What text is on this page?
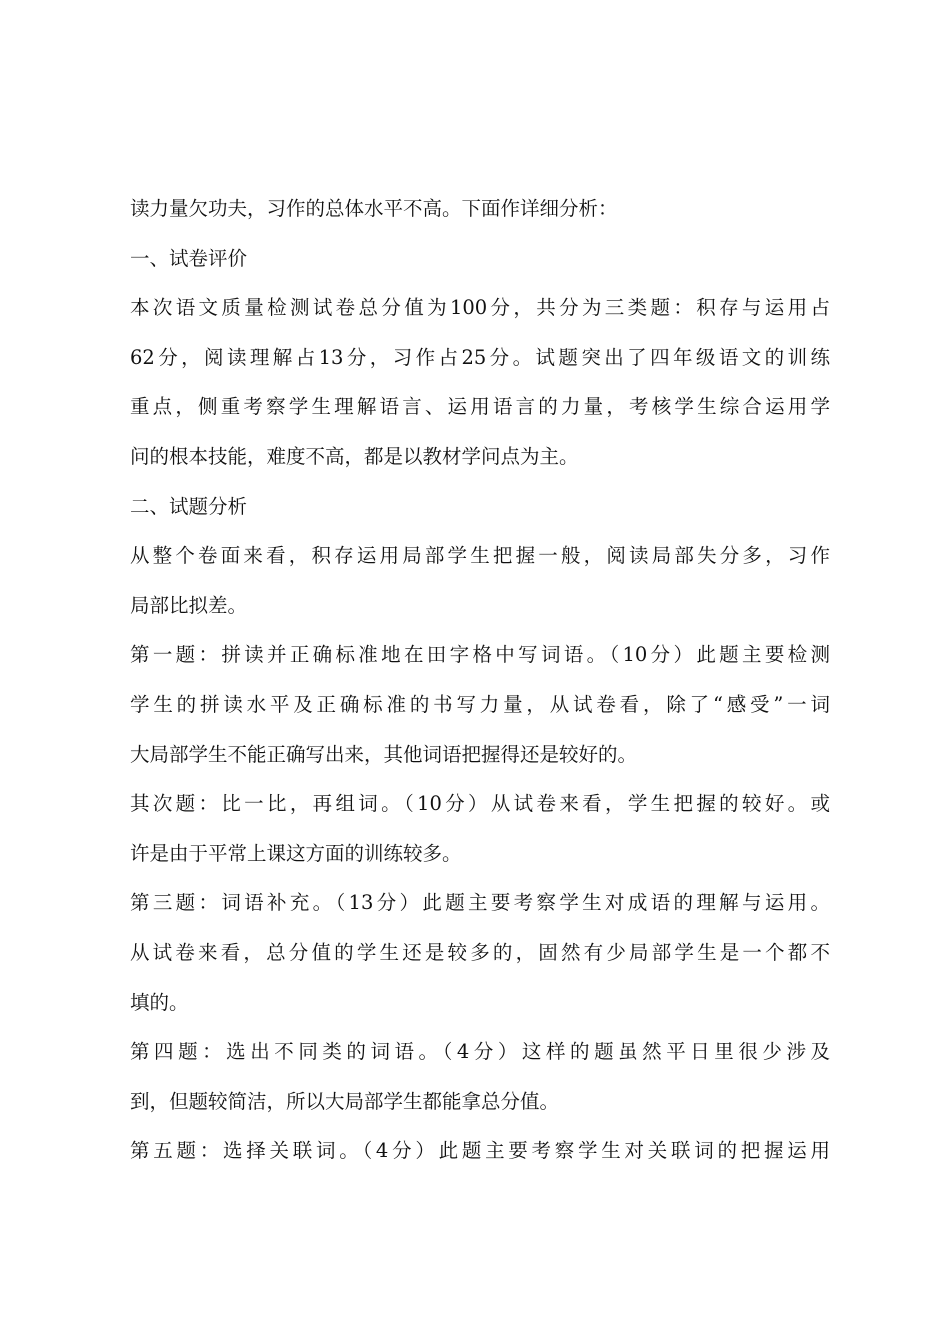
读力量欠功夫，习作的总体水平不高。下面作详细分析：
一、试卷评价
本次语文质量检测试卷总分值为100分，共分为三类题：积存与运用占
62分，阅读理解占13分，习作占25分。试题突出了四年级语文的训练
重点，侧重考察学生理解语言、运用语言的力量，考核学生综合运用学
问的根本技能，难度不高，都是以教材学问点为主。
二、试题分析
从整个卷面来看，积存运用局部学生把握一般，阅读局部失分多，习作
局部比拟差。
第一题：拼读并正确标准地在田字格中写词语。（10分）此题主要检测
学生的拼读水平及正确标准的书写力量，从试卷看，除了“感受”一词
大局部学生不能正确写出来，其他词语把握得还是较好的。
其次题：比一比，再组词。（10分）从试卷来看，学生把握的较好。或
许是由于平常上课这方面的训练较多。
第三题：词语补充。（13分）此题主要考察学生对成语的理解与运用。
从试卷来看，总分值的学生还是较多的，固然有少局部学生是一个都不
填的。
第四题：选出不同类的词语。（4分）这样的题虽然平日里很少涉及
到，但题较简洁，所以大局部学生都能拿总分值。
第五题：选择关联词。（4分）此题主要考察学生对关联词的把握运用
